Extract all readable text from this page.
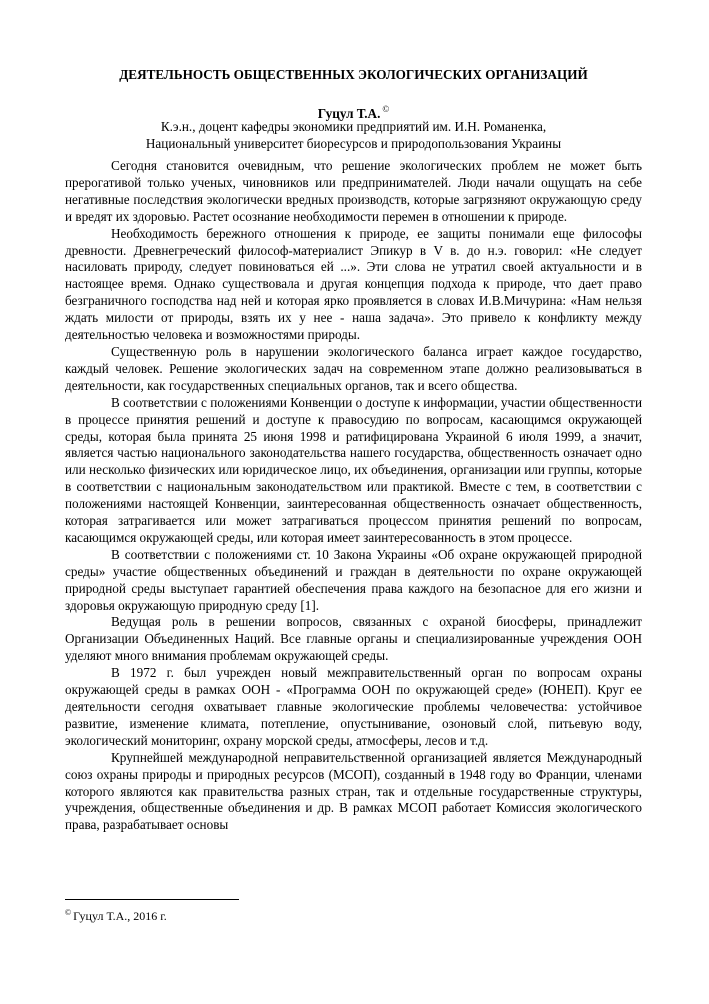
ДЕЯТЕЛЬНОСТЬ ОБЩЕСТВЕННЫХ ЭКОЛОГИЧЕСКИХ ОРГАНИЗАЦИЙ
Гуцул Т.А. ©
К.э.н., доцент кафедры экономики предприятий им. И.Н. Романенка,
Национальный университет биоресурсов и природопользования Украины

Сегодня становится очевидным, что решение экологических проблем не может быть прерогативой только ученых, чиновников или предпринимателей. Люди начали ощущать на себе негативные последствия экологически вредных производств, которые загрязняют окружающую среду и вредят их здоровью. Растет осознание необходимости перемен в отношении к природе.

Необходимость бережного отношения к природе, ее защиты понимали еще философы древности. Древнегреческий философ-материалист Эпикур в V в. до н.э. говорил: «Не следует насиловать природу, следует повиноваться ей ...». Эти слова не утратил своей актуальности и в настоящее время. Однако существовала и другая концепция подхода к природе, что дает право безграничного господства над ней и которая ярко проявляется в словах И.В.Мичурина: «Нам нельзя ждать милости от природы, взять их у нее - наша задача». Это привело к конфликту между деятельностью человека и возможностями природы.

Существенную роль в нарушении экологического баланса играет каждое государство, каждый человек. Решение экологических задач на современном этапе должно реализовываться в деятельности, как государственных специальных органов, так и всего общества.

В соответствии с положениями Конвенции о доступе к информации, участии общественности в процессе принятия решений и доступе к правосудию по вопросам, касающимся окружающей среды, которая была принята 25 июня 1998 и ратифицирована Украиной 6 июля 1999, а значит, является частью национального законодательства нашего государства, общественность означает одно или несколько физических или юридическое лицо, их объединения, организации или группы, которые в соответствии с национальным законодательством или практикой. Вместе с тем, в соответствии с положениями настоящей Конвенции, заинтересованная общественность означает общественность, которая затрагивается или может затрагиваться процессом принятия решений по вопросам, касающимся окружающей среды, или которая имеет заинтересованность в этом процессе.

В соответствии с положениями ст. 10 Закона Украины «Об охране окружающей природной среды» участие общественных объединений и граждан в деятельности по охране окружающей природной среды выступает гарантией обеспечения права каждого на безопасное для его жизни и здоровья окружающую природную среду [1].

Ведущая роль в решении вопросов, связанных с охраной биосферы, принадлежит Организации Объединенных Наций. Все главные органы и специализированные учреждения ООН уделяют много внимания проблемам окружающей среды.

В 1972 г. был учрежден новый межправительственный орган по вопросам охраны окружающей среды в рамках ООН - «Программа ООН по окружающей среде» (ЮНЕП). Круг ее деятельности сегодня охватывает главные экологические проблемы человечества: устойчивое развитие, изменение климата, потепление, опустынивание, озоновый слой, питьевую воду, экологический мониторинг, охрану морской среды, атмосферы, лесов и т.д.

Крупнейшей международной неправительственной организацией является Международный союз охраны природы и природных ресурсов (МСОП), созданный в 1948 году во Франции, членами которого являются как правительства разных стран, так и отдельные государственные структуры, учреждения, общественные объединения и др. В рамках МСОП работает Комиссия экологического права, разрабатывает основы

© Гуцул Т.А., 2016 г.
